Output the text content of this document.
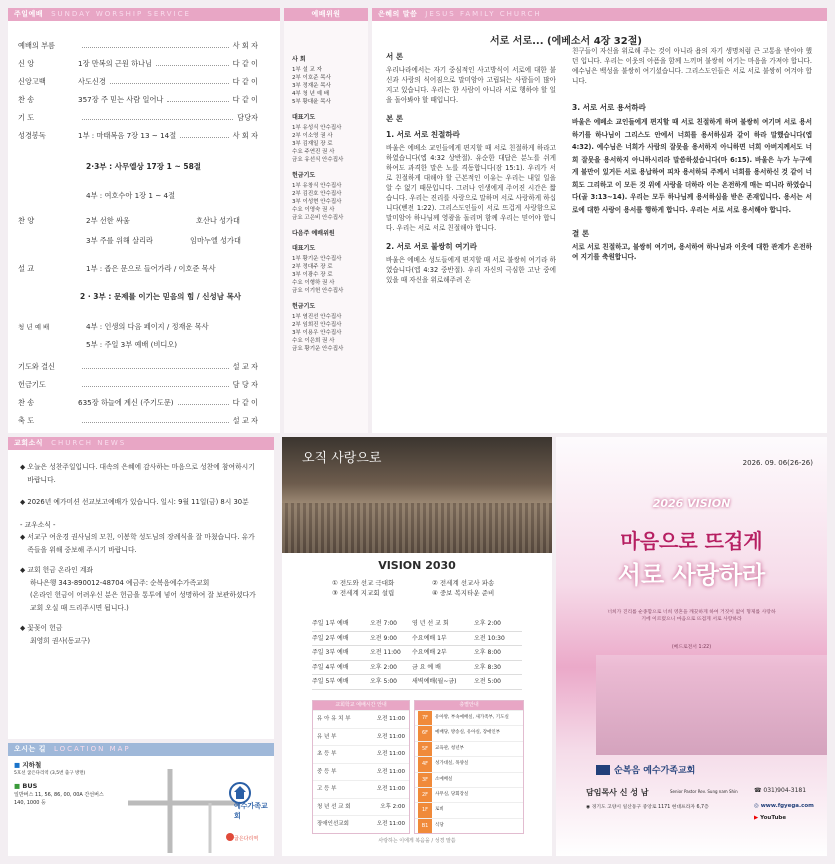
주일예배 SUNDAY WORSHIP SERVICE
예배의 부름	사 회 자
신 앙	1장 만복의 근원 하나님	다 같 이
신앙고백	사도신경	다 같 이
찬 송	357장 주 믿는 사람 일어나	다 같 이
기 도	담당자
성경봉독	1부 : 마태복음 7장 13 ~ 14절	사 회 자
2·3부 : 사무엘상 17장 1 ~ 58절
4부 : 여호수아 1장 1 ~ 4절
찬 양	2부 선한 싸움	호산나 성가대
3부 주를 위해 살리라	임마누엘 성가대
설 교	1부 : 좁은 문으로 들어가라 / 이호준 목사
2 · 3부 : 문제를 이기는 믿음의 힘 / 신성남 목사
청 년 예 배	4부 : 인생의 다음 페이지 / 정재운 목사
5부 : 주일 3부 예배 (비디오)
기도와 결신	설 교 자
헌금기도	담 당 자
찬 송	635장 하늘에 계신 (주기도문)	다 같 이
축 도	설 교 자
예배위원
사 회
1부 설 교 자
2부 이호준 목사
3부 정재운 목사
4부 청 년 예 배
5부 황대윤 목사
대표기도
1부 유성식 안수집사
2부 이소영 권 사
3부 김재일 장 로
수요 주연진 권 사
금요 유선식 안수집사
헌금기도
1부 유창식 안수집사
2부 김진호 안수집사
3부 이성현 안수집사
수요 이영숙 권 사
금요 고은비 안수집사
다음주 예배위원
대표기도
1부 황기운 안수집사
2부 정대주 장 로
3부 이광수 장 로
수요 이형하 권 사
금요 이기헌 안수집사
헌금기도
1부 염진선 안수집사
2부 임희진 안수집사
3부 이용우 안수집사
수요 이은희 권 사
금요 황기운 안수집사
은혜의 말씀 JESUS FAMILY CHURCH
서로 서로... (에베소서 4장 32절)
서 론
우리나라에서는 자기 중심적인 사고방식이 서로에 대한 불신과 사랑의 식어짐으로 말미암아 고립되는 사람들이 많아지고 있습니다. 우리는 한 사람이 아니라 서로 행하야 할 일을 돌아봐야 할 때입니다.
본 론
1. 서로 서로 친절하라
바울은 에베소 교인들에게 편지할 때 서로 친절하게 하라고 하였습니다(엡 4:32 상반절). 유순한 대답은 분노를 쉬게 하여도 과격한 말은 노를 격동합니다(잠 15:1). 우리가 서로 친절하게 대해야 할 근본적인 이유는 우리는 내일 일을 알 수 없기 때문입니다. 그러나 인생에게 주어진 시간은 짧습니다. 우리는 진리를 사랑으로 말하며 서로 사랑하게 하십니다(벧전 1:22). 그리스도인들이 서로 뜨겁게 사랑함으로 말미암아 하나님께 영광을 돌리며 함께 우리는 믿어야 합니다. 우리는 서로 서로 친절해야 합니다.
2. 서로 서로 불쌍히 여기라
바울은 에베소 성도들에게 편지할 때 서로 불쌍히 여기라 하였습니다(엡 4:32 중반절). 우리 자신의 극심한 고난 중에 있을 때 자신을 위로해주려 온
친구들이 자신을 위로해 주는 것이 아니라 욥의 자기 생명처럼 큰 고통을 받아야 했던 입니다. 우리는 이웃의 아픔을 함께 느끼며 불쌍히 여기는 마음을 가져야 합니다. 예수님은 백성을 불쌍히 여기셨습니다. 그리스도인들은 서로 서로 불쌍히 여겨야 합니다.
3. 서로 서로 용서하라
바울은 에베소 교인들에게 편지할 때 서로 친절하게 하며 불쌍히 여기며 서로 용서하기를 하나님이 그리스도 안에서 너희를 용서하심과 같이 하라 말했습니다(엡 4:32). 예수님은 너희가 사람의 잘못을 용서하지 아니하면 너희 아버지께서도 너희 잘못을 용서하지 아니하시리라 말씀하셨습니다(마 6:15). 바울은 누가 누구에게 불만이 있거든 서로 용납하여 피차 용서하되 주께서 너희를 용서하신 것 같이 너희도 그리하고 이 모든 것 위에 사랑을 더하라 이는 온전하게 매는 띠니라 하였습니다(골 3:13~14). 우리는 모두 하나님께 용서하심을 받은 존재입니다. 용서는 서로에 대한 사랑이 용서를 행하게 합니다. 우리는 서로 서로 용서해야 합니다.
결 론
서로 서로 친절하고, 불쌍히 여기며, 용서하여 하나님과 이웃에 대한 관계가 온전하여 지기를 축원합니다.
교회소식 CHURCH NEWS
◆ 오늘은 성찬주일입니다. 대속의 은혜에 감사하는 마음으로 성찬에 참여하시기 바랍니다.
◆ 2026년 예가미션 선교보고예배가 있습니다. 일시: 9월 11일(금) 8시 30분
- 교우소식 -
◆ 서교구 여운경 권사님의 모친, 이봉학 성도님의 장례식을 잘 마쳤습니다. 유가족들을 위해 중보해 주시기 바랍니다.
◆ 교회 헌금 온라인 계좌
하나은행 343-890012-48704 예금주: 순복음예수가족교회
(온라인 헌금이 어려우신 분은 헌금을 통투에 넣어 성명하여 잘 보관하셨다가 교회 오실 때 드리주시면 됩니다.)
◆ 꽃꽂이 헌금
최영희 권사(동교구)
오시는 길 LOCATION MAP
■ 지하철
5호선 굽은다리역 (3,5번 출구 방면)
■ BUS
일반버스 11, 56, 86, 00, 00A 간선버스 140, 1000 등	예수가족교회
굽은다리역
오직 사랑으로
VISION 2030
① 전도와 선교 극대화	② 전세계 선교사 파송
③ 전세계 지교회 설립	④ 중보 복지타운 준비
주일 1부 예배	오전 7:00	영 년 선 교 회	오후 2:00
주일 2부 예배	오전 9:00	수요예배 1부	오전 10:30
주일 3부 예배	오전 11:00	수요예배 2부	오후 8:00
주일 4부 예배	오후 2:00	금 요 예 배	오후 8:30
주일 5부 예배	오후 5:00	새벽예배(월~금)	오전 5:00
교회학교 예배시간 안내
유 아 유 치 부	오전 11:00
유 년 부	오전 11:00
초 등 부	오전 11:00
중 등 부	오전 11:00
고 등 부	오전 11:00
청 년 선 교 회	오후 2:00
장애인선교회	오전 11:00
층별안내
7F	유아방, 부속예배실, 새가족부, 기도실
6F	예배당, 방송실, 유아실, 장애인부
5F	교육관, 청년부
4F	성가대실, 목양실
3F	소예배실
2F	사무실, 당회장실
1F	로비
B1	식당
사랑하는 이에게 복음을 / 성경 말씀
2026. 09. 06(26-26)
2026 VISION
마음으로 뜨겁게
서로 사랑하라
너희가 진리를 순종함으로 너희 영혼을 깨끗하게 하여 거짓이 없이 형제를 사랑하기에 이르렀으니 마음으로 뜨겁게 서로 사랑하라
(베드로전서 1:22)
순복음 예수가족교회
담임목사 신 성 남	Senior Pastor Rev. Sung nam Shin	☎ 031)904-3181
◉ 경기도 고양시 일산동구 중앙로 1171 현대프라자 6,7층	◎ www.fgyega.com
▶ YouTube
